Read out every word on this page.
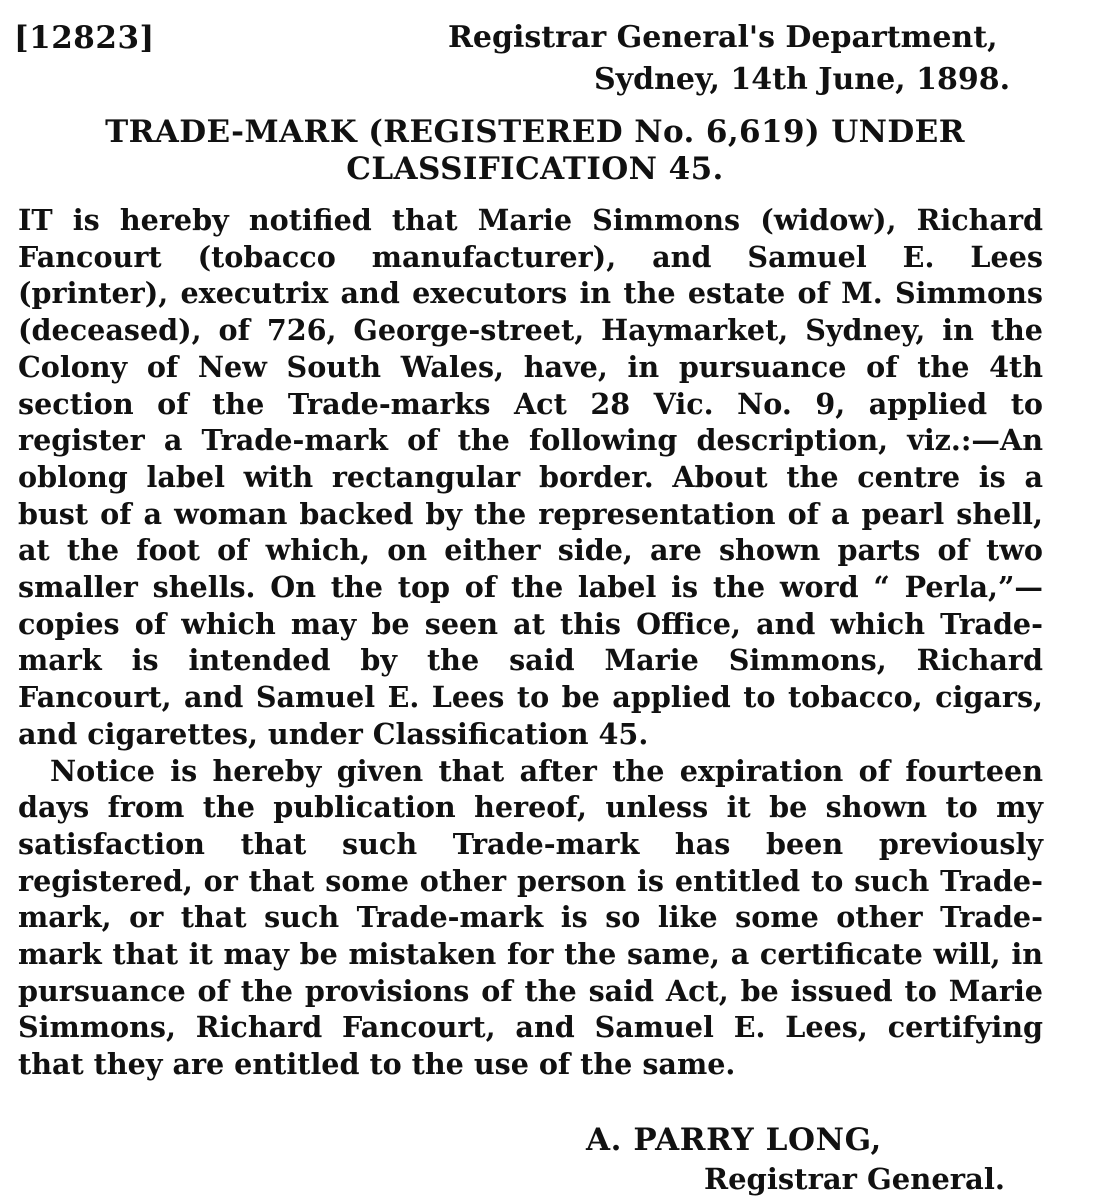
[12823]	Registrar General's Department,
Sydney, 14th June, 1898.
TRADE-MARK (REGISTERED No. 6,619) UNDER CLASSIFICATION 45.

IT is hereby notified that Marie Simmons (widow), Richard Fancourt (tobacco manufacturer), and Samuel E. Lees (printer), executrix and executors in the estate of M. Simmons (deceased), of 726, George-street, Haymarket, Sydney, in the Colony of New South Wales, have, in pursuance of the 4th section of the Trade-marks Act 28 Vic. No. 9, applied to register a Trade-mark of the following description, viz.:—An oblong label with rectangular border. About the centre is a bust of a woman backed by the representation of a pearl shell, at the foot of which, on either side, are shown parts of two smaller shells. On the top of the label is the word “ Perla,”—copies of which may be seen at this Office, and which Trade-mark is intended by the said Marie Simmons, Richard Fancourt, and Samuel E. Lees to be applied to tobacco, cigars, and cigarettes, under Classification 45.

Notice is hereby given that after the expiration of fourteen days from the publication hereof, unless it be shown to my satisfaction that such Trade-mark has been previously registered, or that some other person is entitled to such Trade-mark, or that such Trade-mark is so like some other Trade-mark that it may be mistaken for the same, a certificate will, in pursuance of the provisions of the said Act, be issued to Marie Simmons, Richard Fancourt, and Samuel E. Lees, certifying that they are entitled to the use of the same.

A. PARRY LONG,
Registrar General.
